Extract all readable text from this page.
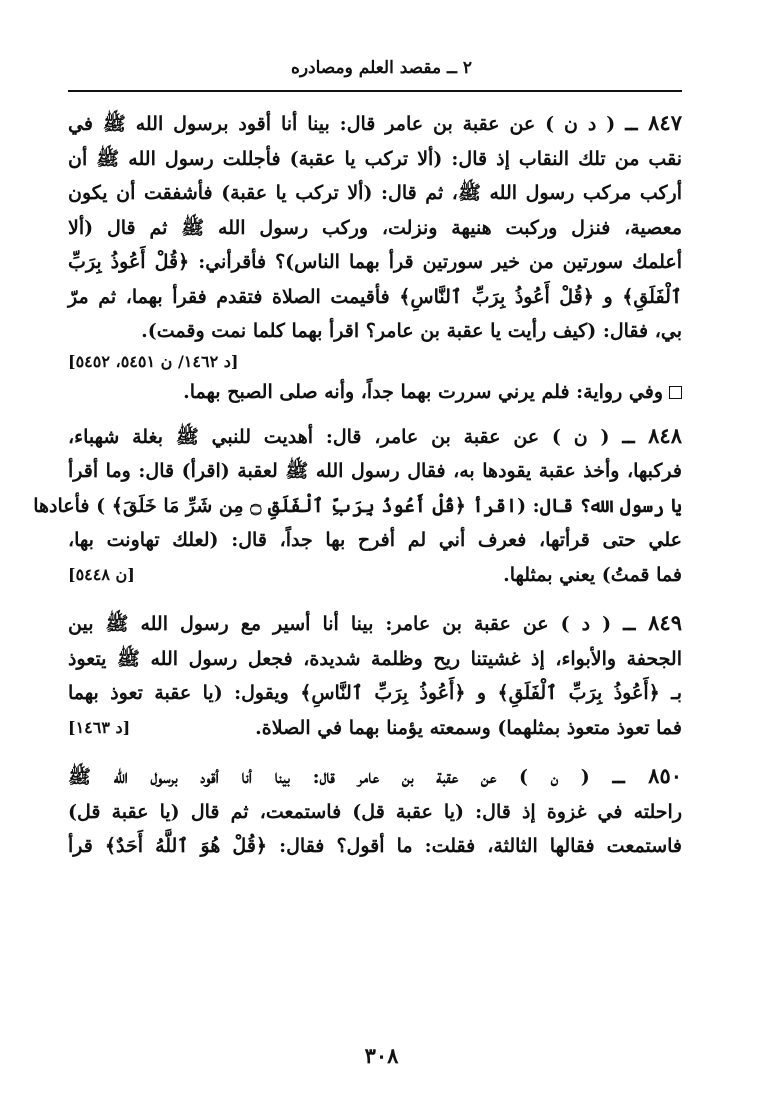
٢ ــ مقصد العلم ومصادره
٨٤٧ ــ ( د ن ) عن عقبة بن عامر قال: بينا أنا أقود برسول الله ﷺ في
نقب من تلك النقاب إذ قال: (ألا تركب يا عقبة) فأجللت رسول الله ﷺ أن
أركب مركب رسول الله ﷺ، ثم قال: (ألا تركب يا عقبة) فأشفقت أن يكون
معصية، فنزل وركبت هنيهة ونزلت، وركب رسول الله ﷺ ثم قال (ألا
أعلمك سورتين من خير سورتين قرأ بهما الناس)؟ فأقرأني: ﴿قُلْ أَعُوذُ بِرَبِّ
ٱلْفَلَقِ﴾ و ﴿قُلْ أَعُوذُ بِرَبِّ ٱلنَّاسِ﴾ فأقيمت الصلاة فتقدم فقرأ بهما، ثم مرّ
بي، فقال: (كيف رأيت يا عقبة بن عامر؟ اقرأ بهما كلما نمت وقمت).
[د ١٤٦٢/ ن ٥٤٥١، ٥٤٥٢]
وفي رواية: فلم يرني سررت بهما جداً، وأنه صلى الصبح بهما.
٨٤٨ ــ ( ن ) عن عقبة بن عامر، قال: أهديت للنبي ﷺ بغلة شهباء،
فركبها، وأخذ عقبة يقودها به، فقال رسول الله ﷺ لعقبة (اقرأ) قال: وما أقرأ
يا رسول الله؟ قال: (اقرأ ﴿قُلْ أَعُوذُ بِرَبِّ ٱلْفَلَقِ ۝ مِن شَرِّ مَا خَلَقَ﴾ ) فأعادها
علي حتى قرأتها، فعرف أني لم أفرح بها جداً، قال: (لعلك تهاونت بها،
فما قمتُ) يعني بمثلها.
[ن ٥٤٤٨]
٨٤٩ ــ ( د ) عن عقبة بن عامر: بينا أنا أسير مع رسول الله ﷺ بين
الجحفة والأبواء، إذ غشيتنا ريح وظلمة شديدة، فجعل رسول الله ﷺ يتعوذ
بـ ﴿أَعُوذُ بِرَبِّ ٱلْفَلَقِ﴾ و ﴿أَعُوذُ بِرَبِّ ٱلنَّاسِ﴾ ويقول: (يا عقبة تعوذ بهما
فما تعوذ متعوذ بمثلهما) وسمعته يؤمنا بهما في الصلاة.
[د ١٤٦٣]
٨٥٠ ــ ( ن ) عن عقبة بن عامر قال: بينا أنا أقود برسول الله ﷺ
راحلته في غزوة إذ قال: (يا عقبة قل) فاستمعت، ثم قال (يا عقبة قل)
فاستمعت فقالها الثالثة، فقلت: ما أقول؟ فقال: ﴿قُلْ هُوَ ٱللَّهُ أَحَدٌ﴾ قرأ
٣٠٨
